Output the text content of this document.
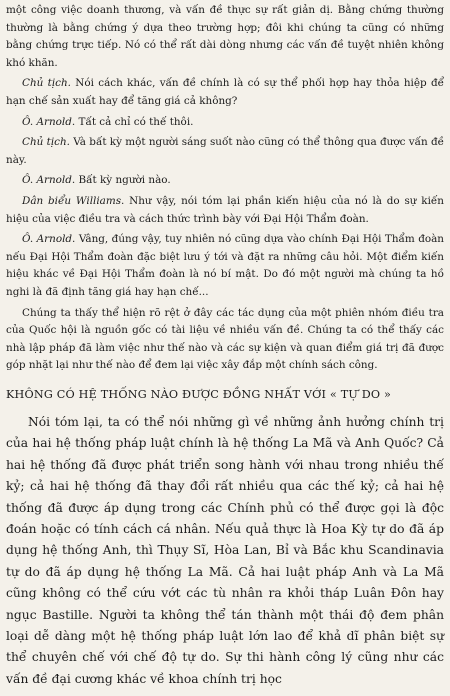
một công việc doanh thương, và vấn đề thực sự rất giản dị. Bằng chứng thường thường là bằng chứng ý dựa theo trường hợp; đôi khi chúng ta cũng có những bằng chứng trực tiếp. Nó có thể rất dài dòng nhưng các vấn đề tuyệt nhiên không khó khăn.

Chủ tịch. Nói cách khác, vấn đề chính là có sự thể phối hợp hay thỏa hiệp để hạn chế sản xuất hay để tăng giá cả không?

Ô. Arnold. Tất cả chỉ có thế thôi.

Chủ tịch. Và bất kỳ một người sáng suốt nào cũng có thể thông qua được vấn đề này.

Ô. Arnold. Bất kỳ người nào.

Dân biểu Williams. Như vậy, nói tóm lại phần kiến hiệu của nó là do sự kiến hiệu của việc điều tra và cách thức trình bày với Đại Hội Thẩm đoàn.

Ô. Arnold. Vâng, đúng vậy, tuy nhiên nó cũng dựa vào chính Đại Hội Thẩm đoàn nếu Đại Hội Thẩm đoàn đặc biệt lưu ý tới và đặt ra những câu hỏi. Một điểm kiến hiệu khác về Đại Hội Thẩm đoàn là nó bí mật. Do đó một người mà chúng ta hồ nghi là đã định tăng giá hay hạn chế...

Chúng ta thấy thể hiện rõ rệt ở đây các tác dụng của một phiên nhóm điều tra của Quốc hội là nguồn gốc có tài liệu về nhiều vấn đề. Chúng ta có thể thấy các nhà lập pháp đã làm việc như thế nào và các sự kiện và quan điểm giá trị đã được góp nhặt lại như thế nào để đem lại việc xây đắp một chính sách công.

KHÔNG CÓ HỆ THỐNG NÀO ĐƯỢC ĐỒNG NHẤT VỚI « TỰ DO »

Nói tóm lại, ta có thể nói những gì về những ảnh hưởng chính trị của hai hệ thống pháp luật chính là hệ thống La Mã và Anh Quốc? Cả hai hệ thống đã được phát triển song hành với nhau trong nhiều thế kỷ; cả hai hệ thống đã thay đổi rất nhiều qua các thế kỷ; cả hai hệ thống đã được áp dụng trong các Chính phủ có thể được gọi là độc đoán hoặc có tính cách cá nhân. Nếu quả thực là Hoa Kỳ tự do đã áp dụng hệ thống Anh, thì Thụy Sĩ, Hòa Lan, Bỉ và Bắc khu Scandinavia tự do đã áp dụng hệ thống La Mã. Cả hai luật pháp Anh và La Mã cũng không có thể cứu vớt các tù nhân ra khỏi tháp Luân Đôn hay ngục Bastille. Người ta không thể tán thành một thái độ đem phân loại dễ dàng một hệ thống pháp luật lớn lao để khả dĩ phân biệt sự thể chuyên chế với chế độ tự do. Sự thi hành công lý cũng như các vấn đề đại cương khác về khoa chính trị học
